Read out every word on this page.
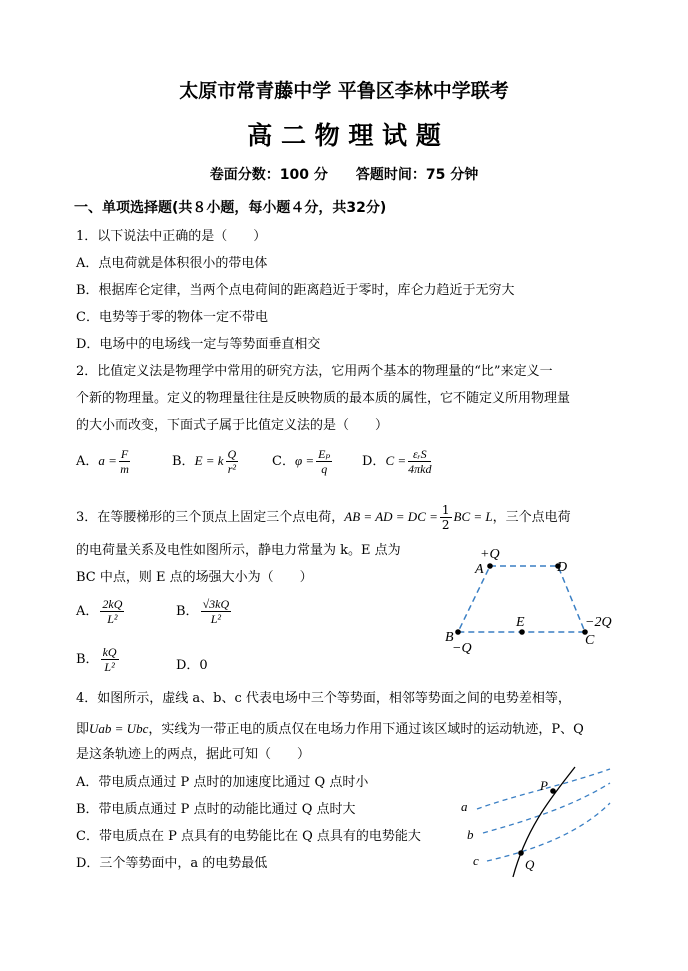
太原市常青藤中学 平鲁区李林中学联考
高 二 物 理 试 题
卷面分数：100 分　　答题时间：75 分钟
一、单项选择题(共８小题，每小题４分，共32分)
1．以下说法中正确的是（　　）
A．点电荷就是体积很小的带电体
B．根据库仑定律，当两个点电荷间的距离趋近于零时，库仑力趋近于无穷大
C．电势等于零的物体一定不带电
D．电场中的电场线一定与等势面垂直相交
2．比值定义法是物理学中常用的研究方法，它用两个基本的物理量的“比”来定义一
个新的物理量。定义的物理量往往是反映物质的最本质的属性，它不随定义所用物理量
的大小而改变，下面式子属于比值定义法的是（　　）
A．$a = \frac{F}{m}$	B．E = k $\frac{Q}{\text{r²}}$	C．$\varphi = \frac{\text{Eₚ}}{q}$ D．$C = \frac{\text{εᵣS}}{\text{4πkd}}$
3．在等腰梯形的三个顶点上固定三个点电荷，AB = AD = DC = $\frac{1}{2}$ BC = L，三个点电荷
的电荷量关系及电性如图所示，静电力常量为 k。E 点为
BC 中点，则 E 点的场强大小为（　　）
A． $\frac{2kQ}{\text{L²}}$	B． $\frac{√3kQ}{\text{L²}}$
B． $\frac{kQ}{\text{L²}}$	D．0
+Q
A	D
B
−Q
E	−2Q
C
4．如图所示，虚线 a、b、c 代表电场中三个等势面，相邻等势面之间的电势差相等，
即Uab = Ubc，实线为一带正电的质点仅在电场力作用下通过该区域时的运动轨迹，P、Q
是这条轨迹上的两点，据此可知（　　）
A．带电质点通过 P 点时的加速度比通过 Q 点时小
B．带电质点通过 P 点时的动能比通过 Q 点时大
C．带电质点在 P 点具有的电势能比在 Q 点具有的电势能大
D．三个等势面中，a 的电势最低
a
b
c
P
Q
